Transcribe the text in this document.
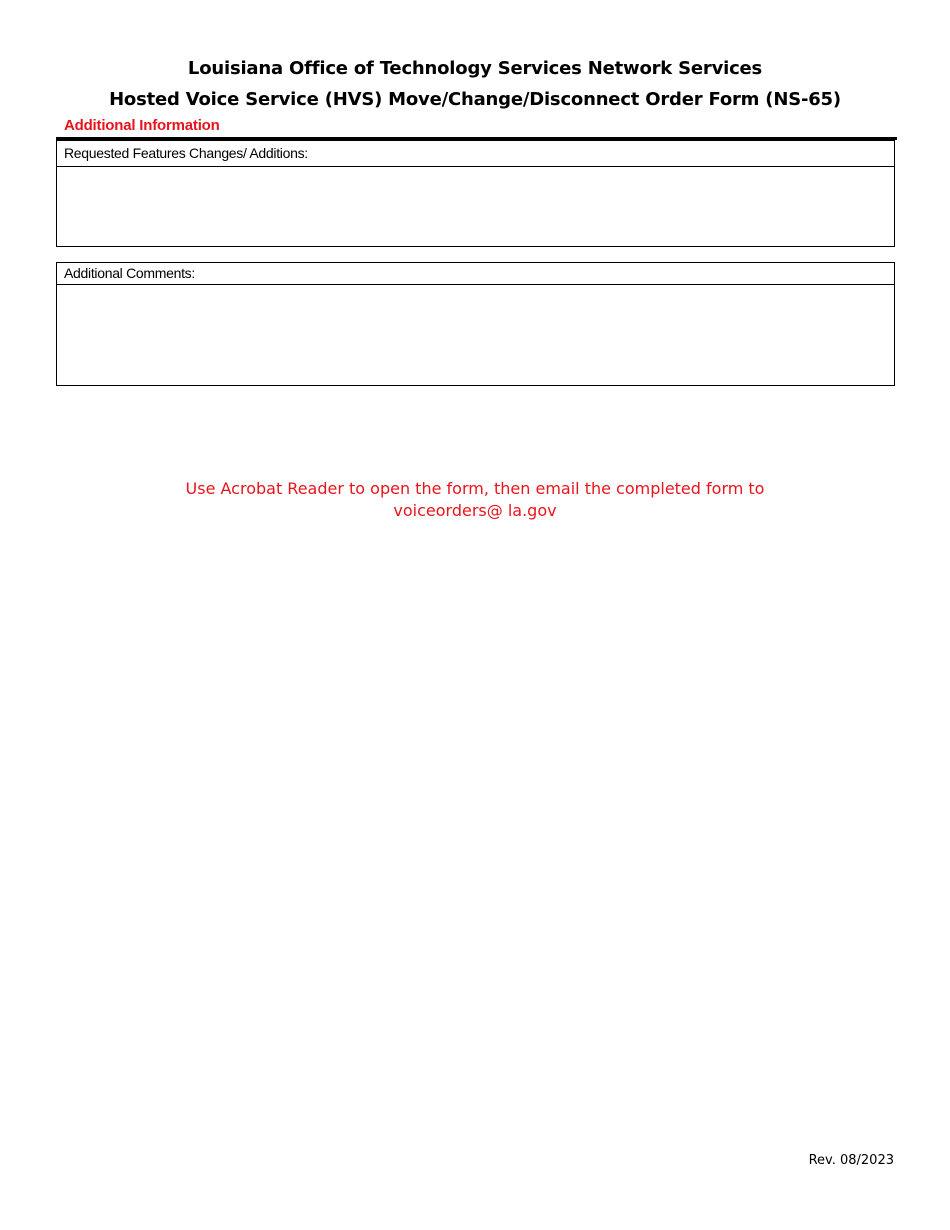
Louisiana Office of Technology Services Network Services
Hosted Voice Service (HVS) Move/Change/Disconnect Order Form (NS-65)
Additional Information
Requested Features Changes/ Additions:
Additional Comments:
Use Acrobat Reader to open the form, then email the completed form to
voiceorders@ la.gov
Rev. 08/2023
